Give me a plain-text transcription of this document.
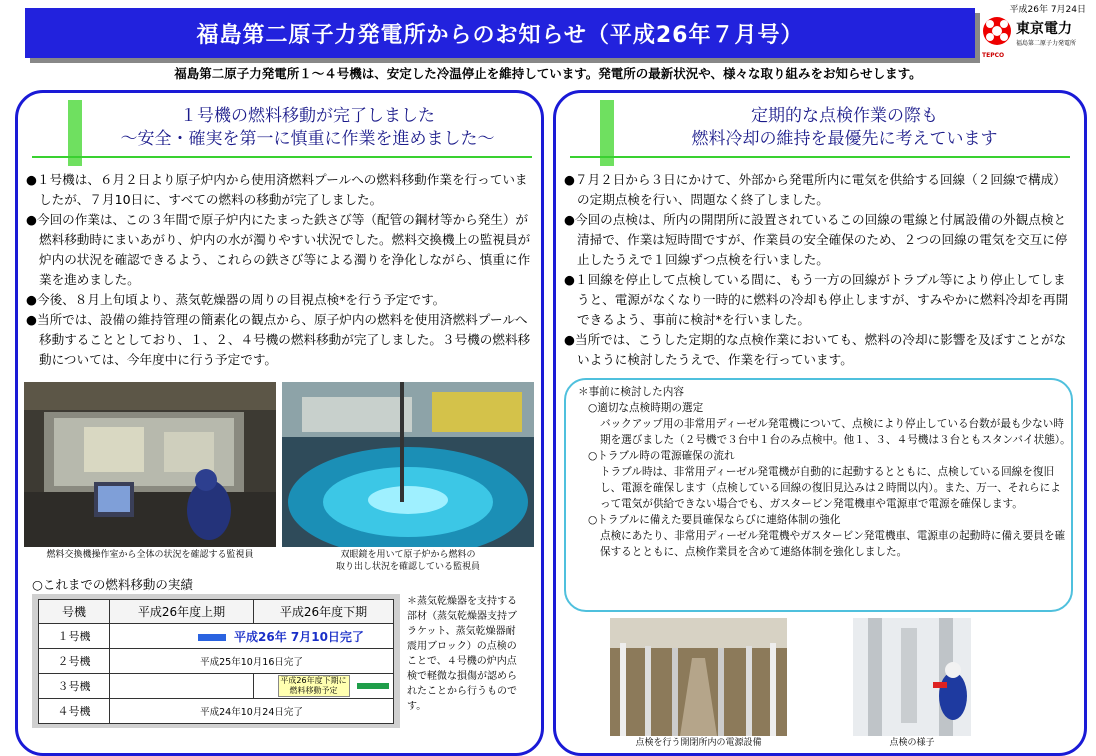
福島第二原子力発電所からのお知らせ（平成26年７月号）
平成26年 7月24日
東京電力
福島第二原子力発電所
TEPCO
福島第二原子力発電所１～４号機は、安定した冷温停止を維持しています。発電所の最新状況や、様々な取り組みをお知らせします。
１号機の燃料移動が完了しました
～安全・確実を第一に慎重に作業を進めました～

●１号機は、６月２日より原子炉内から使用済燃料プールへの燃料移動作業を行っていましたが、７月10日に、すべての燃料の移動が完了しました。

●今回の作業は、この３年間で原子炉内にたまった鉄さび等（配管の鋼材等から発生）が燃料移動時にまいあがり、炉内の水が濁りやすい状況でした。燃料交換機上の監視員が炉内の状況を確認できるよう、これらの鉄さび等による濁りを浄化しながら、慎重に作業を進めました。

●今後、８月上旬頃より、蒸気乾燥器の周りの目視点検*を行う予定です。

●当所では、設備の維持管理の簡素化の観点から、原子炉内の燃料を使用済燃料プールへ移動することとしており、１、２、４号機の燃料移動が完了しました。３号機の燃料移動については、今年度中に行う予定です。

燃料交換機操作室から全体の状況を確認する監視員	双眼鏡を用いて原子炉から燃料の
取り出し状況を確認している監視員
○これまでの燃料移動の実績
号機	平成26年度上期	平成26年度下期
１号機	平成26年 7月10日完了	
２号機	平成25年10月16日完了	
３号機		平成26年度下期に燃料移動予定
４号機	平成24年10月24日完了	
＊蒸気乾燥器を支持する部材（蒸気乾燥器支持ブラケット、蒸気乾燥器耐震用ブロック）の点検のことで、４号機の炉内点検で軽微な損傷が認められたことから行うものです。
定期的な点検作業の際も
燃料冷却の維持を最優先に考えています

●７月２日から３日にかけて、外部から発電所内に電気を供給する回線（２回線で構成）の定期点検を行い、問題なく終了しました。

●今回の点検は、所内の開閉所に設置されているこの回線の電線と付属設備の外観点検と清掃で、作業は短時間ですが、作業員の安全確保のため、２つの回線の電気を交互に停止したうえで１回線ずつ点検を行いました。

●１回線を停止して点検している間に、もう一方の回線がトラブル等により停止してしまうと、電源がなくなり一時的に燃料の冷却も停止しますが、すみやかに燃料冷却を再開できるよう、事前に検討*を行いました。

●当所では、こうした定期的な点検作業においても、燃料の冷却に影響を及ぼすことがないように検討したうえで、作業を行っています。

＊事前に検討した内容
○適切な点検時期の選定
バックアップ用の非常用ディーゼル発電機について、点検により停止している台数が最も少ない時期を選びました（２号機で３台中１台のみ点検中。他１、３、４号機は３台ともスタンバイ状態）。
○トラブル時の電源確保の流れ
トラブル時は、非常用ディーゼル発電機が自動的に起動するとともに、点検している回線を復旧し、電源を確保します（点検している回線の復旧見込みは２時間以内）。また、万一、それらによって電気が供給できない場合でも、ガスタービン発電機車や電源車で電源を確保します。
○トラブルに備えた要員確保ならびに連絡体制の強化
点検にあたり、非常用ディーゼル発電機やガスタービン発電機車、電源車の起動時に備え要員を確保するとともに、点検作業員を含めて連絡体制を強化しました。
点検を行う開閉所内の電源設備	点検の様子
